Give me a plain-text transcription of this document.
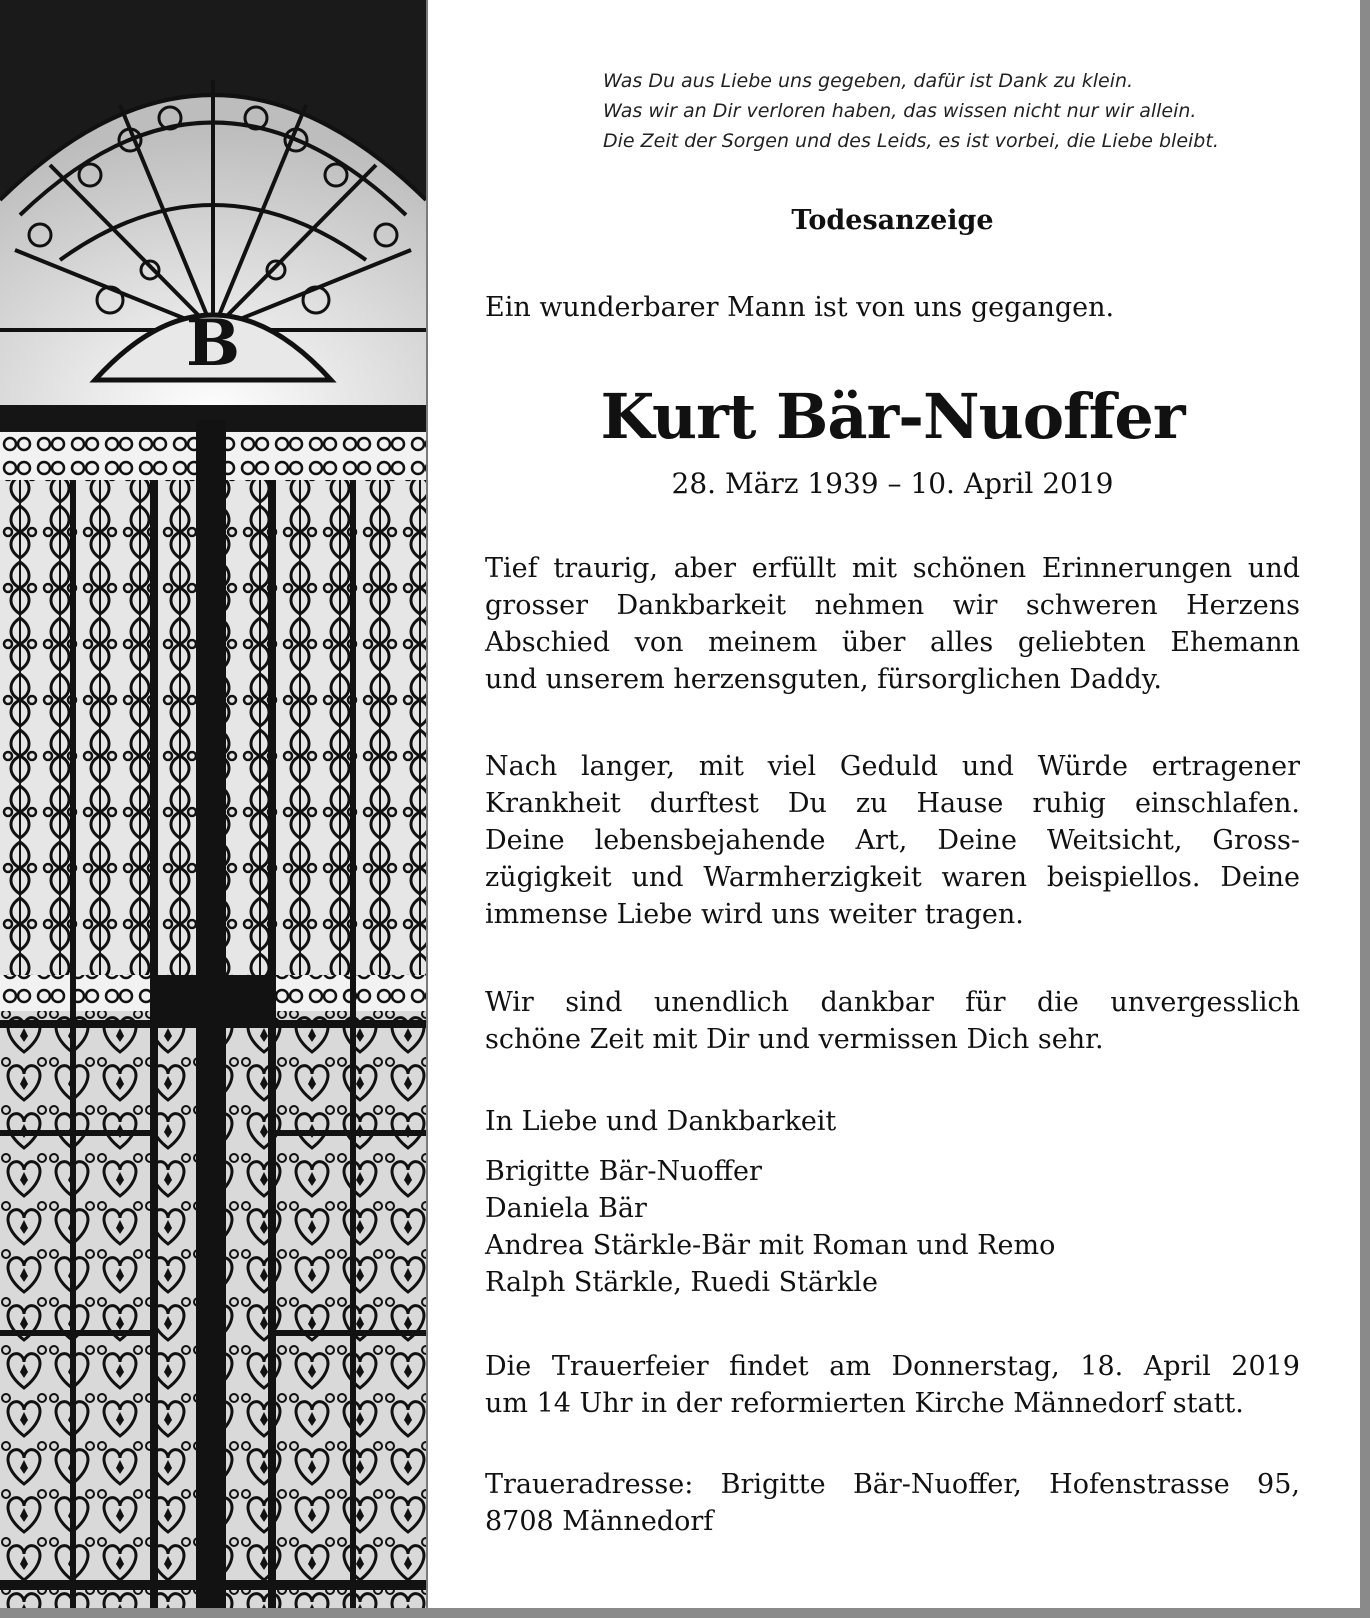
B
Was Du aus Liebe uns gegeben, dafür ist Dank zu klein.
Was wir an Dir verloren haben, das wissen nicht nur wir allein.
Die Zeit der Sorgen und des Leids, es ist vorbei, die Liebe bleibt.
Todesanzeige
Ein wunderbarer Mann ist von uns gegangen.
Kurt Bär-Nuoffer
28. März 1939 – 10. April 2019
Tief traurig, aber erfüllt mit schönen Erinnerungen und
grosser Dankbarkeit nehmen wir schweren Herzens
Abschied von meinem über alles geliebten Ehemann
und unserem herzensguten, fürsorglichen Daddy.
Nach langer, mit viel Geduld und Würde ertragener
Krankheit durftest Du zu Hause ruhig einschlafen.
Deine lebensbejahende Art, Deine Weitsicht, Gross-
zügigkeit und Warmherzigkeit waren beispiellos. Deine
immense Liebe wird uns weiter tragen.
Wir sind unendlich dankbar für die unvergesslich
schöne Zeit mit Dir und vermissen Dich sehr.
In Liebe und Dankbarkeit
Brigitte Bär-Nuoffer
Daniela Bär
Andrea Stärkle-Bär mit Roman und Remo
Ralph Stärkle, Ruedi Stärkle
Die Trauerfeier findet am Donnerstag, 18. April 2019
um 14 Uhr in der reformierten Kirche Männedorf statt.
Traueradresse: Brigitte Bär-Nuoffer, Hofenstrasse 95,
8708 Männedorf
